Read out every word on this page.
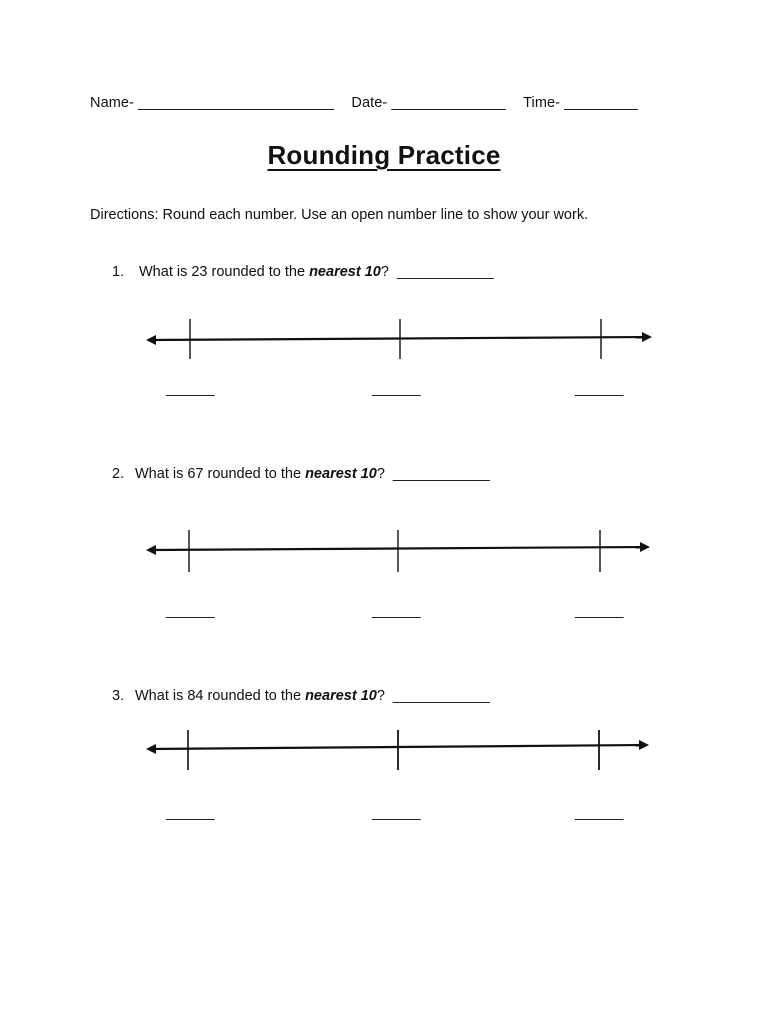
Name- ________________________ Date- ______________ Time- _________
Rounding Practice
Directions: Round each number. Use an open number line to show your work.
1. What is 23 rounded to the nearest 10? ____________
______	______	______
2. What is 67 rounded to the nearest 10? ____________
______	______	______
3. What is 84 rounded to the nearest 10? ____________
______	______	______
